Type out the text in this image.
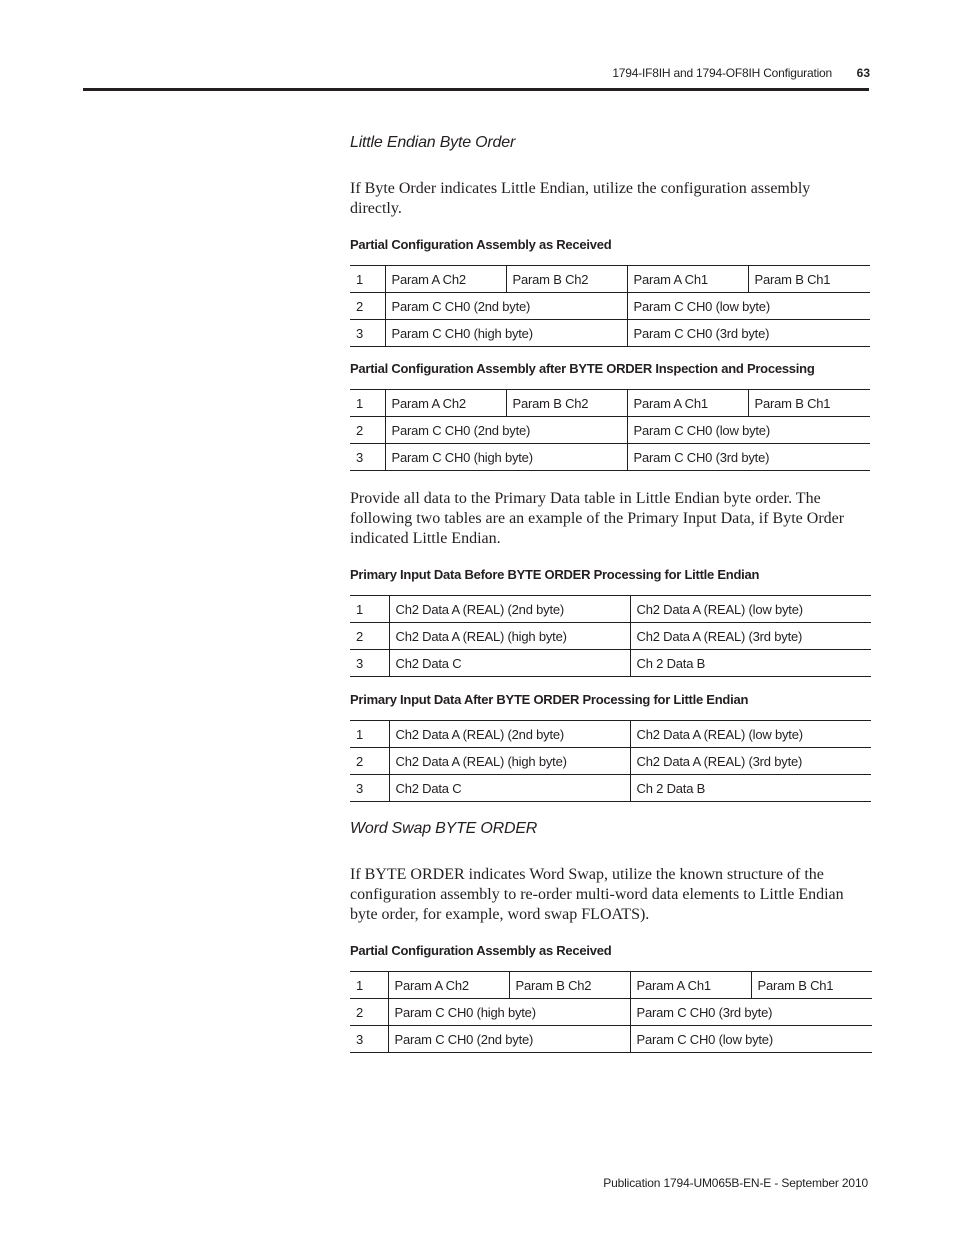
1794-IF8IH and 1794-OF8IH Configuration	63
Little Endian Byte Order
If Byte Order indicates Little Endian, utilize the configuration assembly directly.
Partial Configuration Assembly as Received
1	Param A Ch2	Param B Ch2	Param A Ch1	Param B Ch1
2	Param C CH0 (2nd byte)		Param C CH0 (low byte)	
3	Param C CH0 (high byte)		Param C CH0 (3rd byte)	
Partial Configuration Assembly after BYTE ORDER Inspection and Processing
1	Param A Ch2	Param B Ch2	Param A Ch1	Param B Ch1
2	Param C CH0 (2nd byte)		Param C CH0 (low byte)	
3	Param C CH0 (high byte)		Param C CH0 (3rd byte)	
Provide all data to the Primary Data table in Little Endian byte order. The following two tables are an example of the Primary Input Data, if Byte Order indicated Little Endian.
Primary Input Data Before BYTE ORDER Processing for Little Endian
1	Ch2 Data A (REAL) (2nd byte)	Ch2 Data A (REAL) (low byte)
2	Ch2 Data A (REAL) (high byte)	Ch2 Data A (REAL) (3rd byte)
3	Ch2 Data C	Ch 2 Data B
Primary Input Data After BYTE ORDER Processing for Little Endian
1	Ch2 Data A (REAL) (2nd byte)	Ch2 Data A (REAL) (low byte)
2	Ch2 Data A (REAL) (high byte)	Ch2 Data A (REAL) (3rd byte)
3	Ch2 Data C	Ch 2 Data B
Word Swap BYTE ORDER
If BYTE ORDER indicates Word Swap, utilize the known structure of the configuration assembly to re-order multi-word data elements to Little Endian byte order, for example, word swap FLOATS).
Partial Configuration Assembly as Received
1	Param A Ch2	Param B Ch2	Param A Ch1	Param B Ch1
2	Param C CH0 (high byte)		Param C CH0 (3rd byte)	
3	Param C CH0 (2nd byte)		Param C CH0 (low byte)	
Publication 1794-UM065B-EN-E - September 2010
